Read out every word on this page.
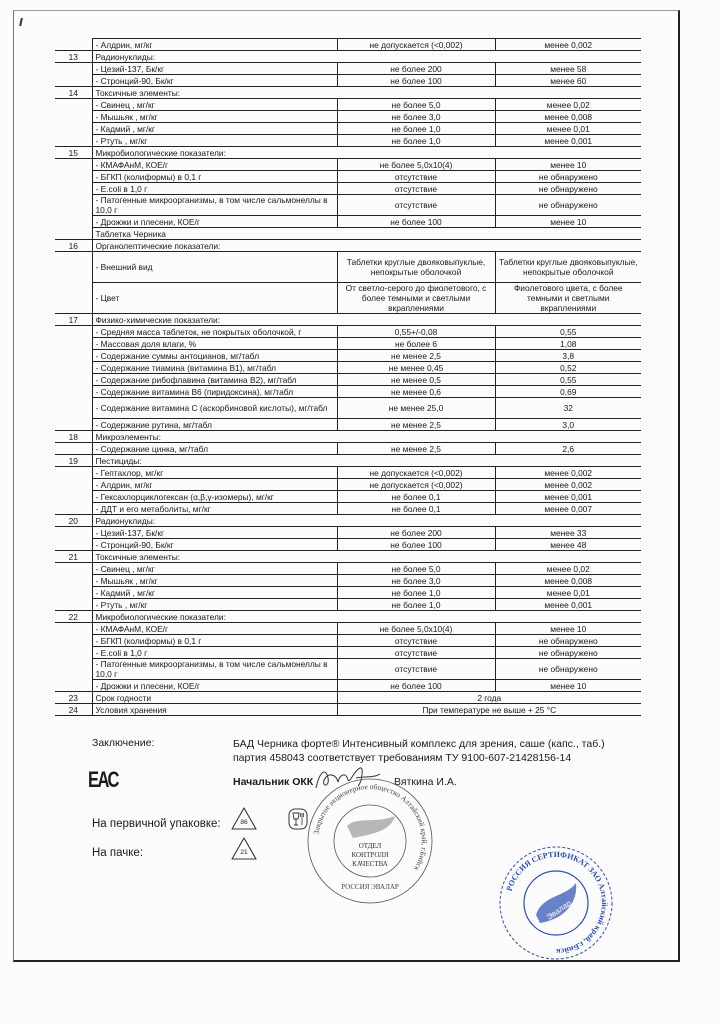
	- Алдрин, мг/кг	не допускается (<0,002)	менее 0,002
13	Радионуклиды:		
	- Цезий-137, Бк/кг	не более 200	менее 58
	- Стронций-90, Бк/кг	не более 100	менее 60
14	Токсичные элементы:		
	- Свинец , мг/кг	не более 5,0	менее 0,02
	- Мышьяк , мг/кг	не более 3,0	менее 0,008
	- Кадмий , мг/кг	не более 1,0	менее 0,01
	- Ртуть , мг/кг	не более 1,0	менее 0,001
15	Микробиологические показатели:		
	- КМАФАнМ, КОЕ/г	не более 5,0x10(4)	менее 10
	- БГКП (колиформы) в 0,1 г	отсутствие	не обнаружено
	- E.coli в 1,0 г	отсутствие	не обнаружено
	- Патогенные микроорганизмы, в том числе сальмонеллы в 10,0 г	отсутствие	не обнаружено
	- Дрожжи и плесени, КОЕ/г	не более 100	менее 10
	Таблетка Черника		
16	Органолептические показатели:		
	- Внешний вид	Таблетки круглые двояковыпуклые, непокрытые оболочкой	Таблетки круглые двояковыпуклые, непокрытые оболочкой
	- Цвет	От светло-серого до фиолетового, с более темными и светлыми вкраплениями	Фиолетового цвета, с более темными и светлыми вкраплениями
17	Физико-химические показатели:		
	- Средняя масса таблеток, не покрытых оболочкой, г	0,55+/-0,08	0,55
	- Массовая доля влаги, %	не более 6	1,08
	- Содержание суммы антоцианов, мг/табл	не менее 2,5	3,8
	- Содержание тиамина (витамина В1), мг/табл	не менее 0,45	0,52
	- Содержание рибофлавина (витамина В2), мг/табл	не менее 0,5	0,55
	- Содержание витамина В6 (пиридоксина), мг/табл	не менее 0,6	0,69
	- Содержание витамина С (аскорбиновой кислоты), мг/табл	не менее 25,0	32
	- Содержание рутина, мг/табл	не менее 2,5	3,0
18	Микроэлементы:		
	- Содержание цинка, мг/табл	не менее 2,5	2,6
19	Пестициды:		
	- Гептахлор, мг/кг	не допускается (<0,002)	менее 0,002
	- Алдрин, мг/кг	не допускается (<0,002)	менее 0,002
	- Гексахлорциклогексан (α,β,γ-изомеры), мг/кг	не более 0,1	менее 0,001
	- ДДТ и его метаболиты, мг/кг	не более 0,1	менее 0,007
20	Радионуклиды:		
	- Цезий-137, Бк/кг	не более 200	менее 33
	- Стронций-90, Бк/кг	не более 100	менее 48
21	Токсичные элементы:		
	- Свинец , мг/кг	не более 5,0	менее 0,02
	- Мышьяк , мг/кг	не более 3,0	менее 0,008
	- Кадмий , мг/кг	не более 1,0	менее 0,01
	- Ртуть , мг/кг	не более 1,0	менее 0,001
22	Микробиологические показатели:		
	- КМАФАнМ, КОЕ/г	не более 5,0x10(4)	менее 10
	- БГКП (колиформы) в 0,1 г	отсутствие	не обнаружено
	- E.coli в 1,0 г	отсутствие	не обнаружено
	- Патогенные микроорганизмы, в том числе сальмонеллы в 10,0 г	отсутствие	не обнаружено
	- Дрожжи и плесени, КОЕ/г	не более 100	менее 10
23	Срок годности	2 года	
24	Условия хранения	При температуре не выше + 25 °С	
Заключение:	БАД Черника форте® Интенсивный комплекс для зрения, саше (капс., таб.)
партия 458043 соответствует требованиям ТУ 9100-607-21428156-14
ЕАС	Начальник ОКК	Вяткина И.А.
На первичной упаковке:	86
На пачке:	21
Закрытое акционерное общество Алтайский край, г.Бийск
ОТДЕЛ
КОНТРОЛЯ
КАЧЕСТВА
РОССИЯ ЭВАЛАР	РОССИЯ СЕРТИФИКАТ ЗАО Алтайский край, г.Бийск
Эвалар
